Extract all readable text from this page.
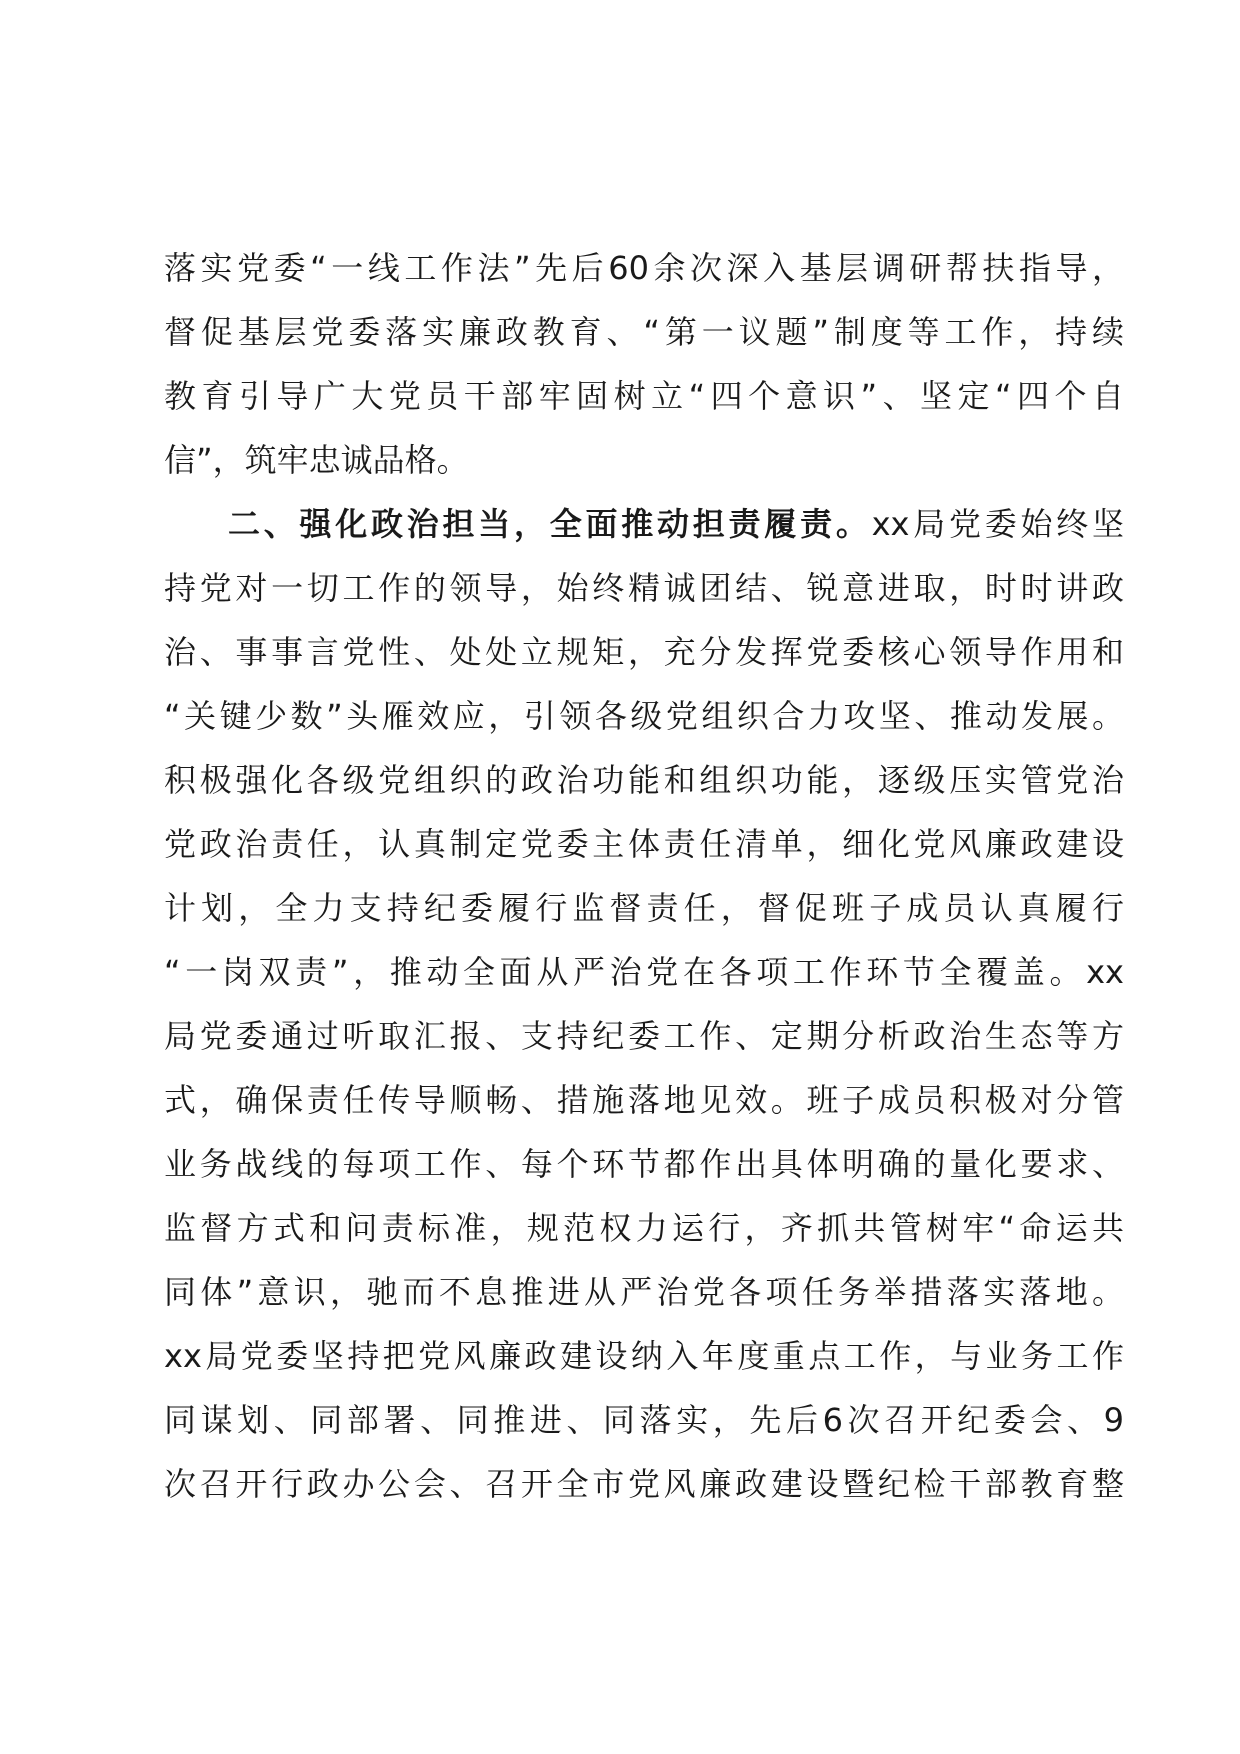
落实党委“一线工作法”先后60余次深入基层调研帮扶指导，
督促基层党委落实廉政教育、“第一议题”制度等工作，持续
教育引导广大党员干部牢固树立“四个意识”、坚定“四个自
信”，筑牢忠诚品格。
二、强化政治担当，全面推动担责履责。xx局党委始终坚
持党对一切工作的领导，始终精诚团结、锐意进取，时时讲政
治、事事言党性、处处立规矩，充分发挥党委核心领导作用和
“关键少数”头雁效应，引领各级党组织合力攻坚、推动发展。
积极强化各级党组织的政治功能和组织功能，逐级压实管党治
党政治责任，认真制定党委主体责任清单，细化党风廉政建设
计划，全力支持纪委履行监督责任，督促班子成员认真履行
“一岗双责”，推动全面从严治党在各项工作环节全覆盖。xx
局党委通过听取汇报、支持纪委工作、定期分析政治生态等方
式，确保责任传导顺畅、措施落地见效。班子成员积极对分管
业务战线的每项工作、每个环节都作出具体明确的量化要求、
监督方式和问责标准，规范权力运行，齐抓共管树牢“命运共
同体”意识，驰而不息推进从严治党各项任务举措落实落地。
xx局党委坚持把党风廉政建设纳入年度重点工作，与业务工作
同谋划、同部署、同推进、同落实，先后6次召开纪委会、9
次召开行政办公会、召开全市党风廉政建设暨纪检干部教育整
